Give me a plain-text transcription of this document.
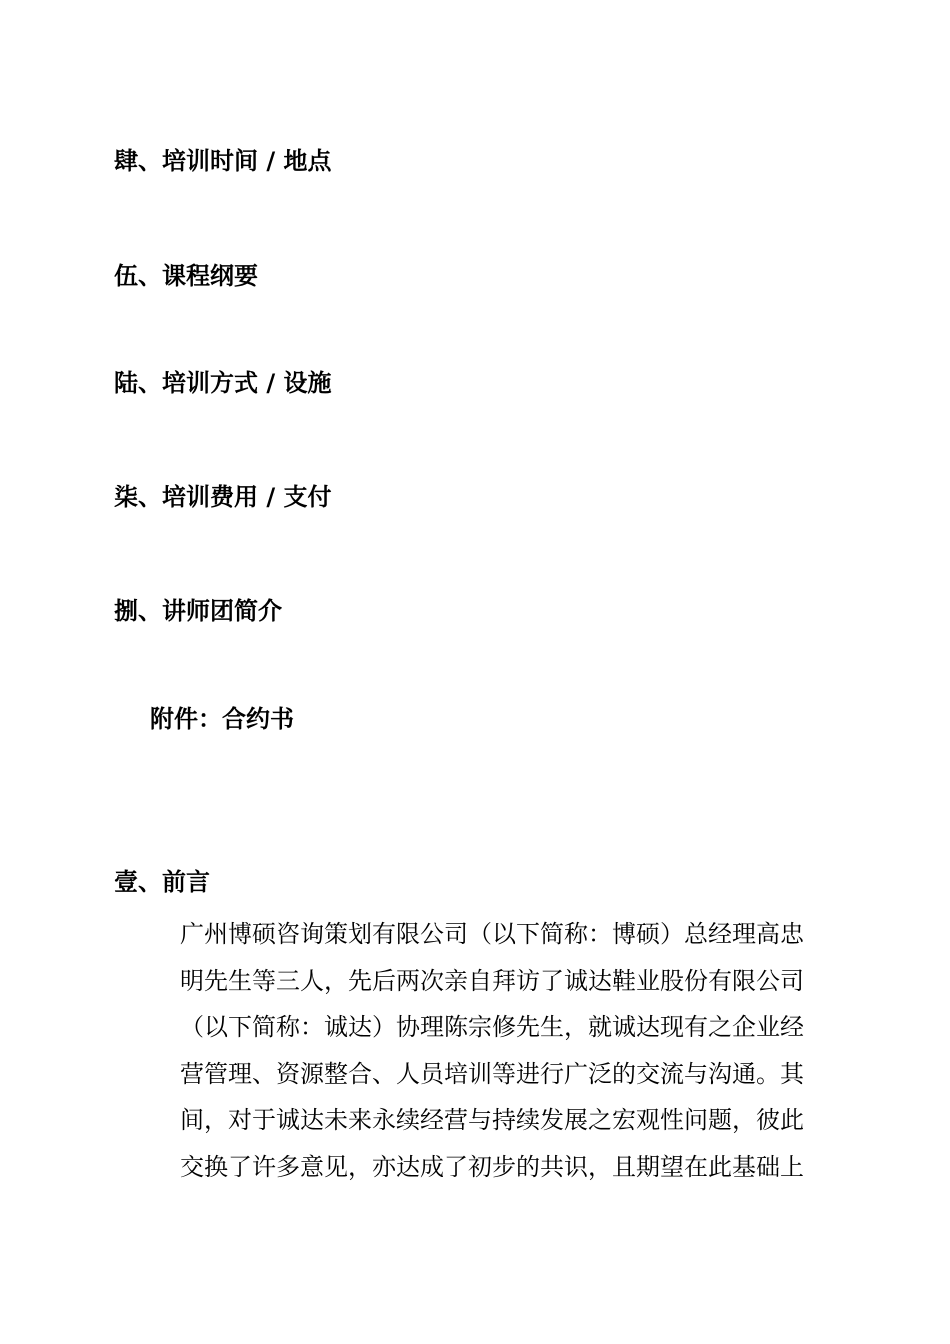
肆、培训时间 / 地点
伍、课程纲要
陆、培训方式 / 设施
柒、培训费用 / 支付
捌、讲师团简介
附件：合约书
壹、前言

广州博硕咨询策划有限公司（以下简称：博硕）总经理高忠
明先生等三人，先后两次亲自拜访了诚达鞋业股份有限公司
（以下简称：诚达）协理陈宗修先生，就诚达现有之企业经
营管理、资源整合、人员培训等进行广泛的交流与沟通。其
间，对于诚达未来永续经营与持续发展之宏观性问题，彼此
交换了许多意见，亦达成了初步的共识，且期望在此基础上
